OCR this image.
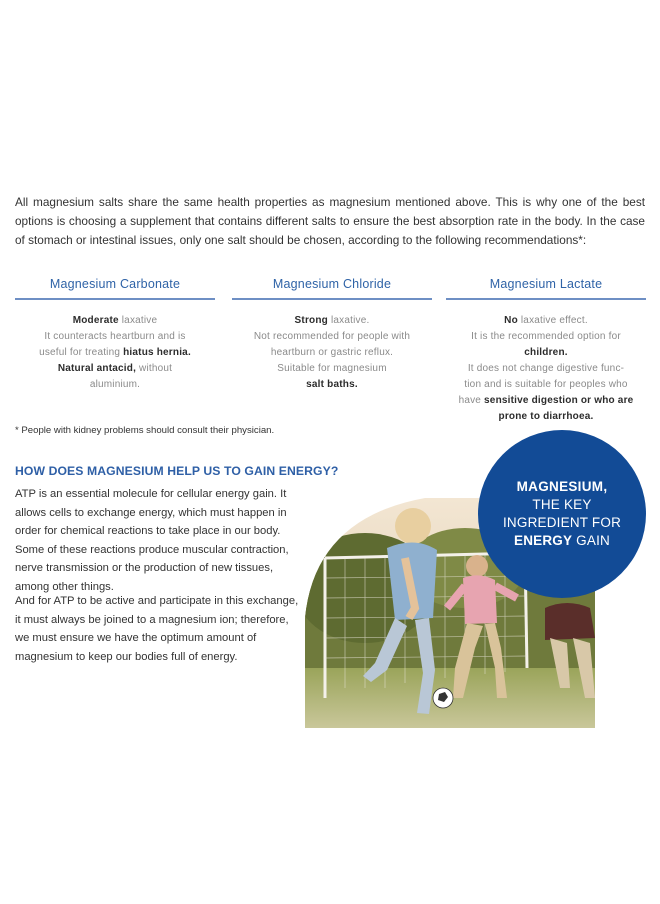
All magnesium salts share the same health properties as magnesium mentioned above. This is why one of the best options is choosing a supplement that contains different salts to ensure the best absorption rate in the body. In the case of stomach or intestinal issues, only one salt should be chosen, according to the following recommendations*:

Magnesium Carbonate
Moderate laxative
It counteracts heartburn and is
useful for treating hiatus hernia.
Natural antacid, without
aluminium.
Magnesium Chloride
Strong laxative.
Not recommended for people with
heartburn or gastric reflux.
Suitable for magnesium
salt baths.
Magnesium Lactate
No laxative effect.
It is the recommended option for
children.
It does not change digestive func-
tion and is suitable for peoples who
have sensitive digestion or who are
prone to diarrhoea.

* People with kidney problems should consult their physician.

HOW DOES MAGNESIUM HELP US TO GAIN ENERGY?

ATP is an essential molecule for cellular energy gain. It allows cells to exchange energy, which must happen in order for chemical reactions to take place in our body. Some of these reactions produce muscular contraction, nerve transmission or the production of new tissues, among other things.

And for ATP to be active and participate in this exchange, it must always be joined to a magnesium ion; therefore, we must ensure we have the optimum amount of magnesium to keep our bodies full of energy.

MAGNESIUM,
THE KEY
INGREDIENT FOR
ENERGY GAIN
